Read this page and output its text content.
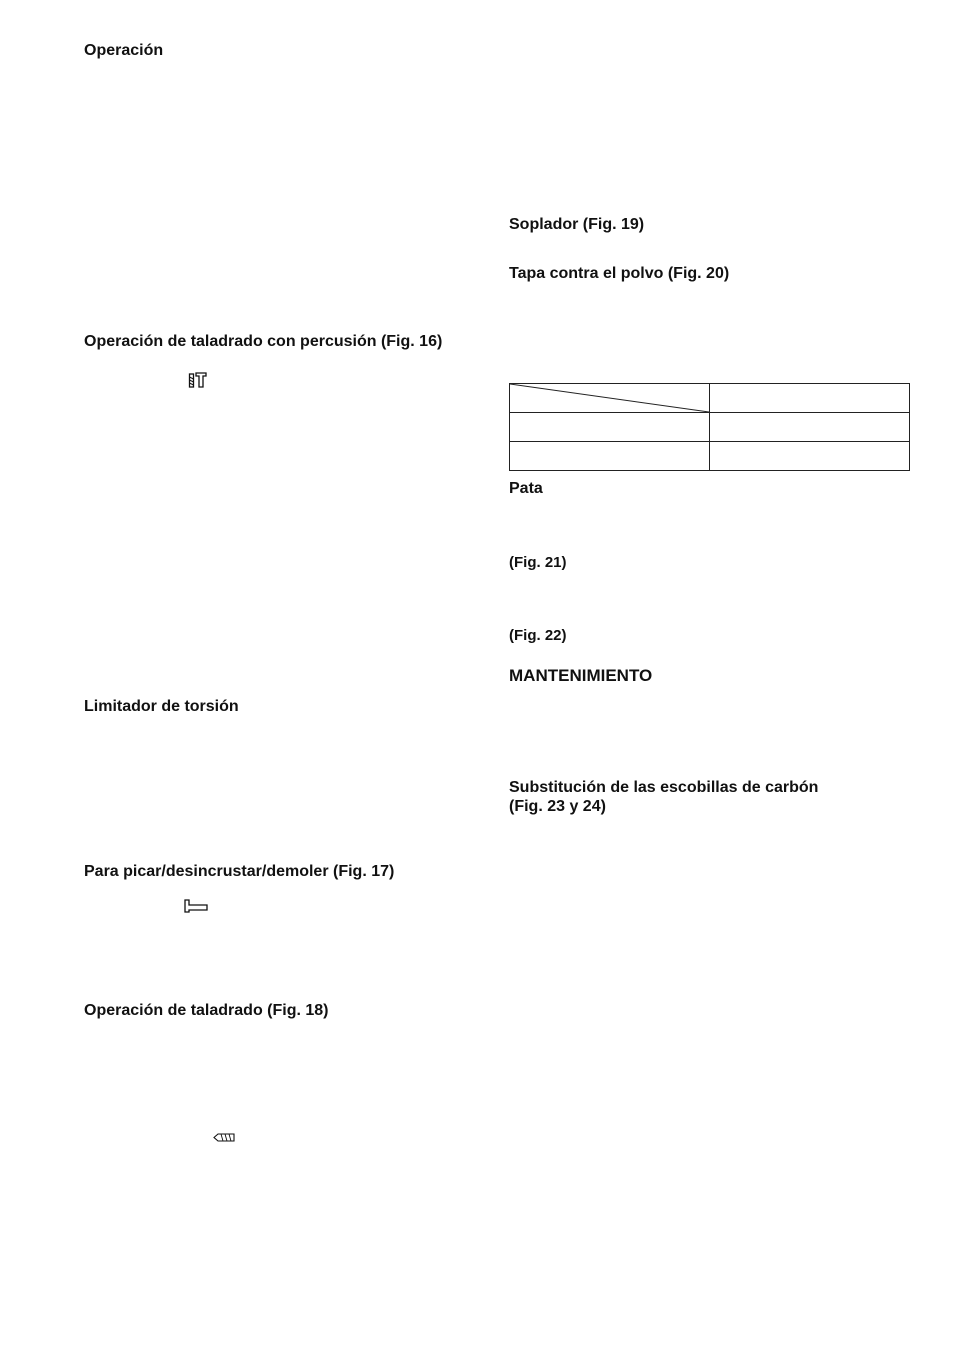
Operación
Operación de taladrado con percusión (Fig. 16)
Limitador de torsión
Para picar/desincrustar/demoler (Fig. 17)
Operación de taladrado (Fig. 18)
Soplador (Fig. 19)
Tapa contra el polvo (Fig. 20)

Pata

(Fig. 21)

(Fig. 22)

MANTENIMIENTO
Substitución de las escobillas de carbón
(Fig. 23 y 24)
